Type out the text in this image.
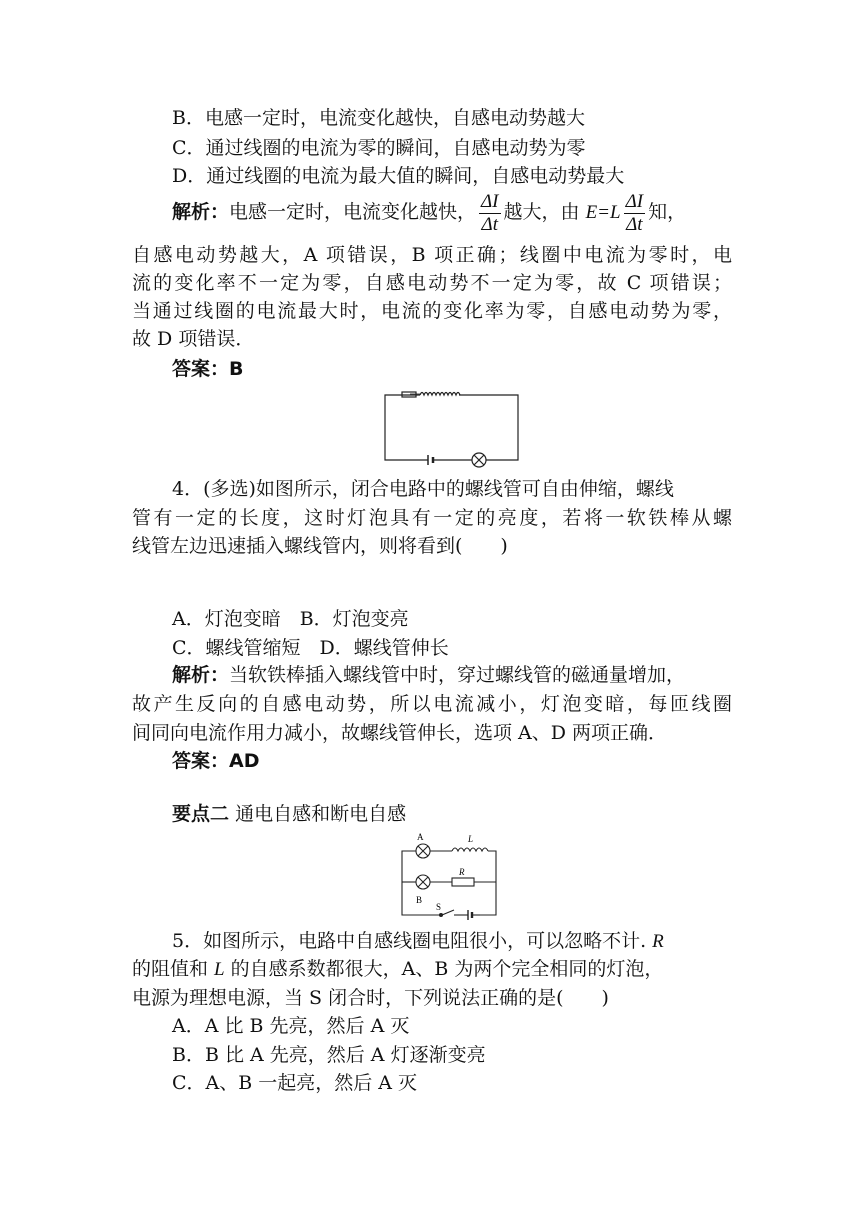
B．电感一定时，电流变化越快，自感电动势越大
C．通过线圈的电流为零的瞬间，自感电动势为零
D．通过线圈的电流为最大值的瞬间，自感电动势最大
解析：电感一定时，电流变化越快， $\frac{\Delta I}{\Delta t}$ 越大，由 $E=L \frac{\Delta I}{\Delta t}$ 知，
自感电动势越大，A 项错误，B 项正确；线圈中电流为零时，电
流的变化率不一定为零，自感电动势不一定为零，故 C 项错误；
当通过线圈的电流最大时，电流的变化率为零，自感电动势为零，
故 D 项错误．
答案：B
4．(多选)如图所示，闭合电路中的螺线管可自由伸缩，螺线
管有一定的长度，这时灯泡具有一定的亮度，若将一软铁棒从螺
线管左边迅速插入螺线管内，则将看到(　　)
A．灯泡变暗　B．灯泡变亮
C．螺线管缩短　D．螺线管伸长
解析：当软铁棒插入螺线管中时，穿过螺线管的磁通量增加，
故产生反向的自感电动势，所以电流减小，灯泡变暗，每匝线圈
间同向电流作用力减小，故螺线管伸长，选项 A、D 两项正确．
答案：AD
要点二 通电自感和断电自感
A	L
B
R
S
5．如图所示，电路中自感线圈电阻很小，可以忽略不计. R
的阻值和 L 的自感系数都很大，A、B 为两个完全相同的灯泡，
电源为理想电源，当 S 闭合时，下列说法正确的是(　　)
A．A 比 B 先亮，然后 A 灭
B．B 比 A 先亮，然后 A 灯逐渐变亮
C．A、B 一起亮，然后 A 灭
